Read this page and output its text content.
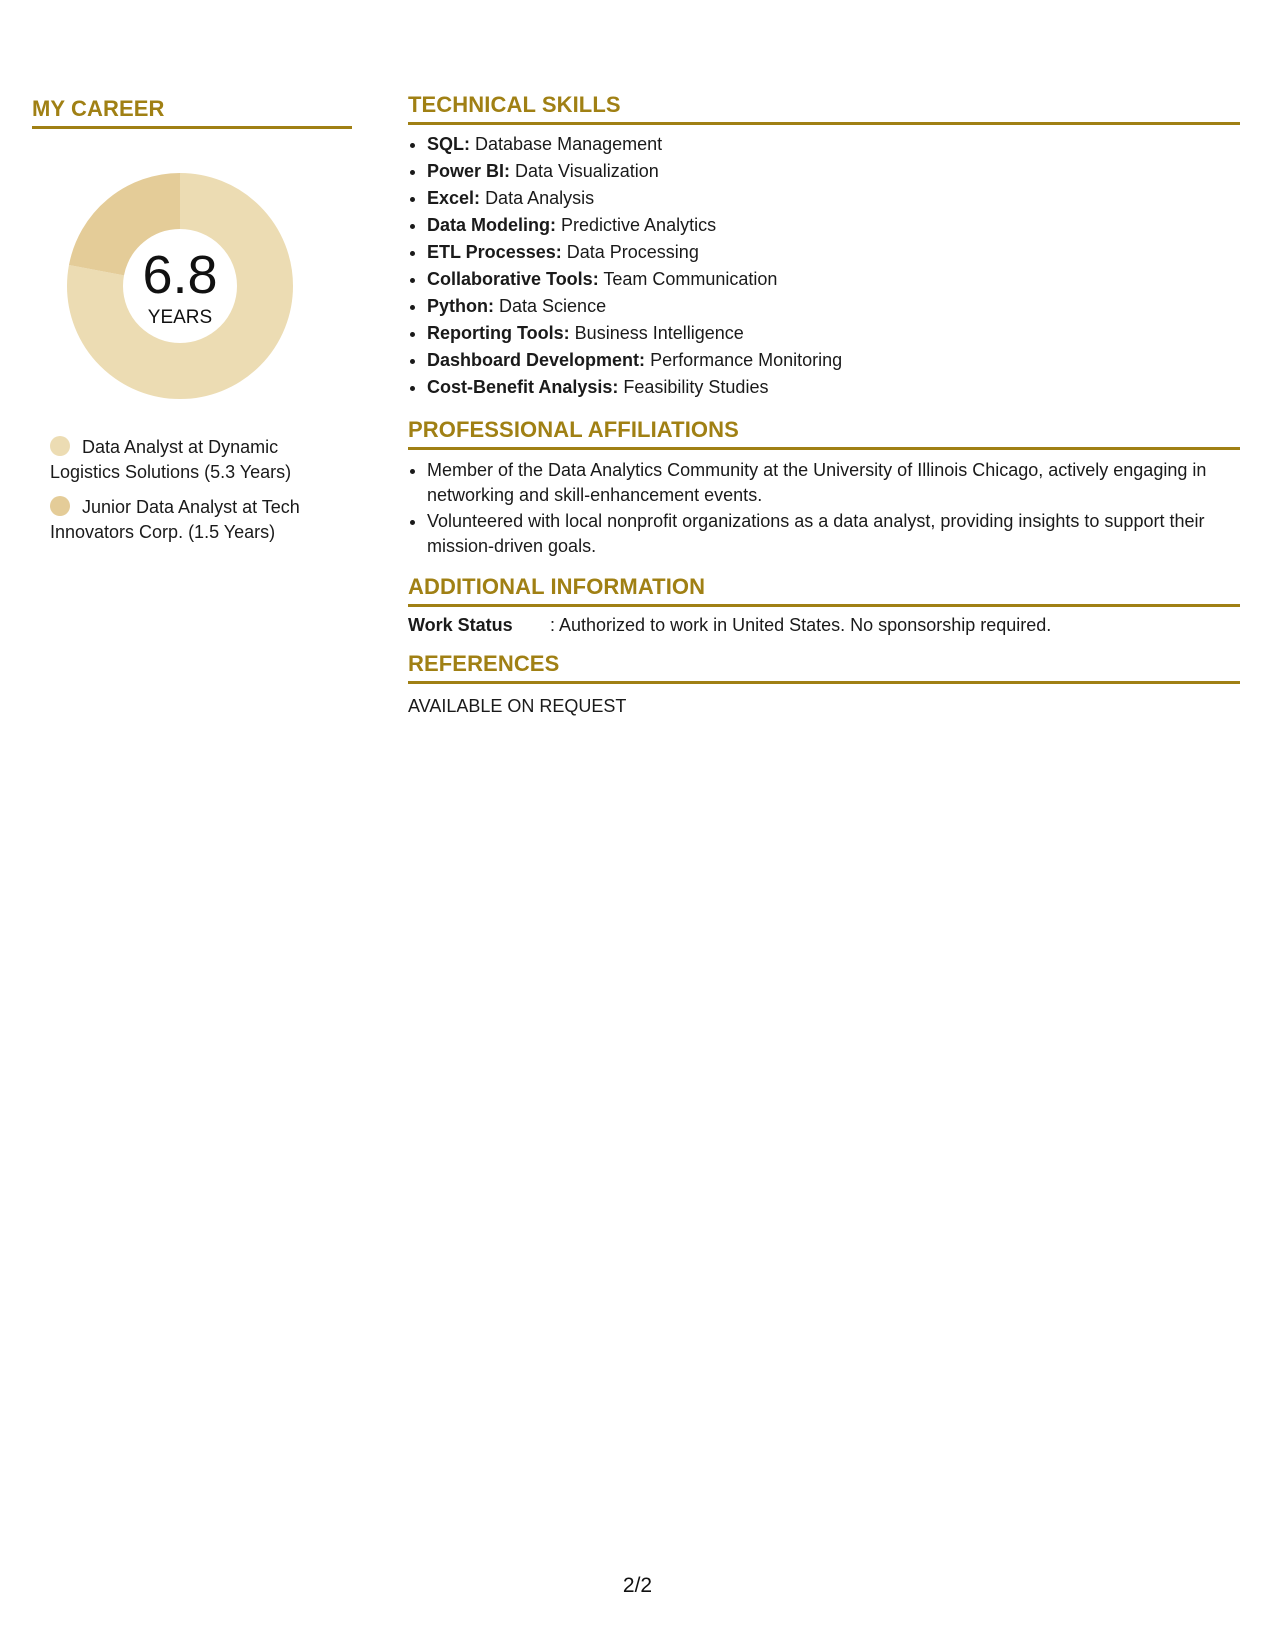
MY CAREER
6.8
YEARS
Data Analyst at Dynamic Logistics Solutions (5.3 Years)
Junior Data Analyst at Tech Innovators Corp. (1.5 Years)
TECHNICAL SKILLS
• SQL: Database Management
• Power BI: Data Visualization
• Excel: Data Analysis
• Data Modeling: Predictive Analytics
• ETL Processes: Data Processing
• Collaborative Tools: Team Communication
• Python: Data Science
• Reporting Tools: Business Intelligence
• Dashboard Development: Performance Monitoring
• Cost-Benefit Analysis: Feasibility Studies
PROFESSIONAL AFFILIATIONS
• Member of the Data Analytics Community at the University of Illinois Chicago, actively engaging in networking and skill-enhancement events.
• Volunteered with local nonprofit organizations as a data analyst, providing insights to support their mission-driven goals.
ADDITIONAL INFORMATION
Work Status	: Authorized to work in United States. No sponsorship required.
REFERENCES
AVAILABLE ON REQUEST
2/2
